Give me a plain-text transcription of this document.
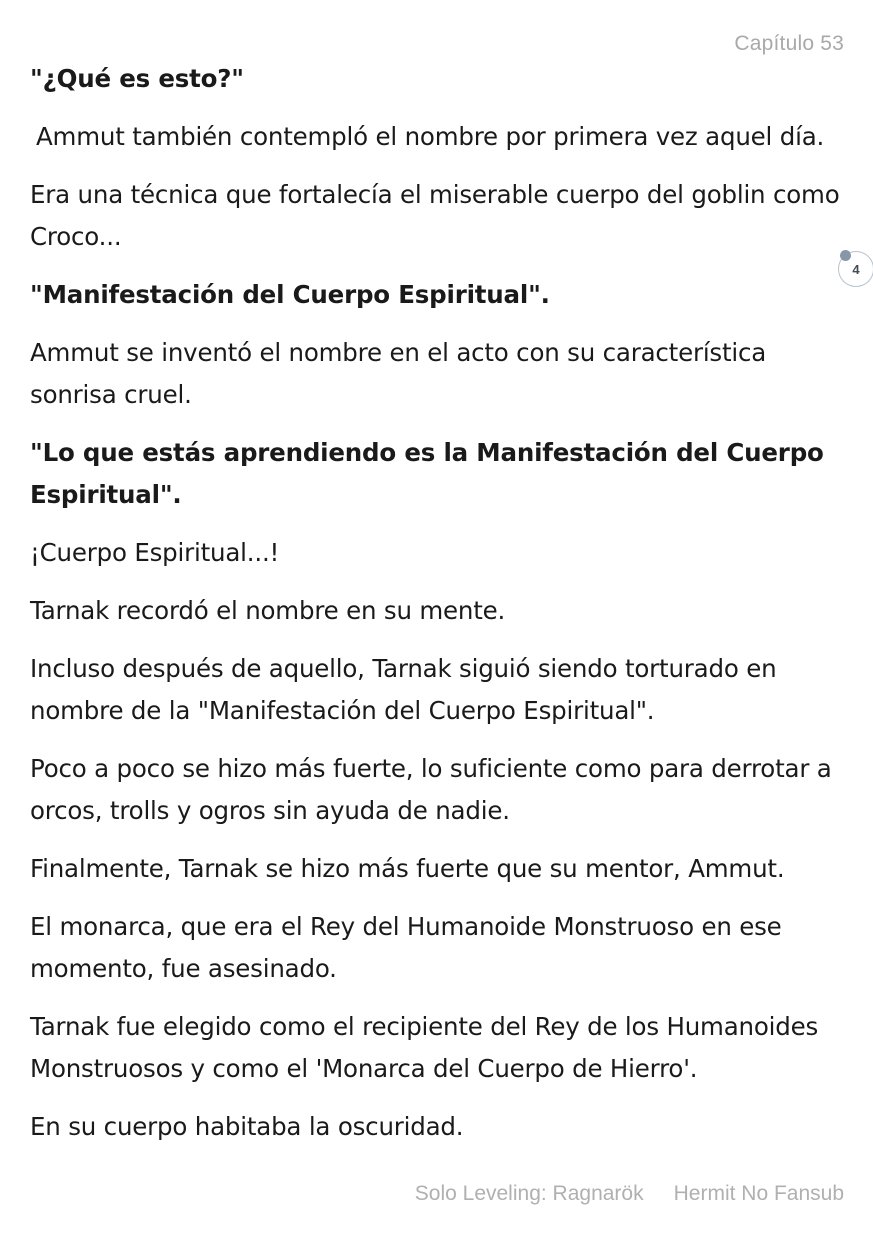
Capítulo 53

"¿Qué es esto?"

Ammut también contempló el nombre por primera vez aquel día.

Era una técnica que fortalecía el miserable cuerpo del goblin como Croco...

"Manifestación del Cuerpo Espiritual".

Ammut se inventó el nombre en el acto con su característica sonrisa cruel.

"Lo que estás aprendiendo es la Manifestación del Cuerpo Espiritual".

¡Cuerpo Espiritual...!

Tarnak recordó el nombre en su mente.

Incluso después de aquello, Tarnak siguió siendo torturado en nombre de la "Manifestación del Cuerpo Espiritual".

Poco a poco se hizo más fuerte, lo suficiente como para derrotar a orcos, trolls y ogros sin ayuda de nadie.

Finalmente, Tarnak se hizo más fuerte que su mentor, Ammut.

El monarca, que era el Rey del Humanoide Monstruoso en ese momento, fue asesinado.

Tarnak fue elegido como el recipiente del Rey de los Humanoides Monstruosos y como el 'Monarca del Cuerpo de Hierro'.

En su cuerpo habitaba la oscuridad.

4
Solo Leveling: Ragnarök Hermit No Fansub
